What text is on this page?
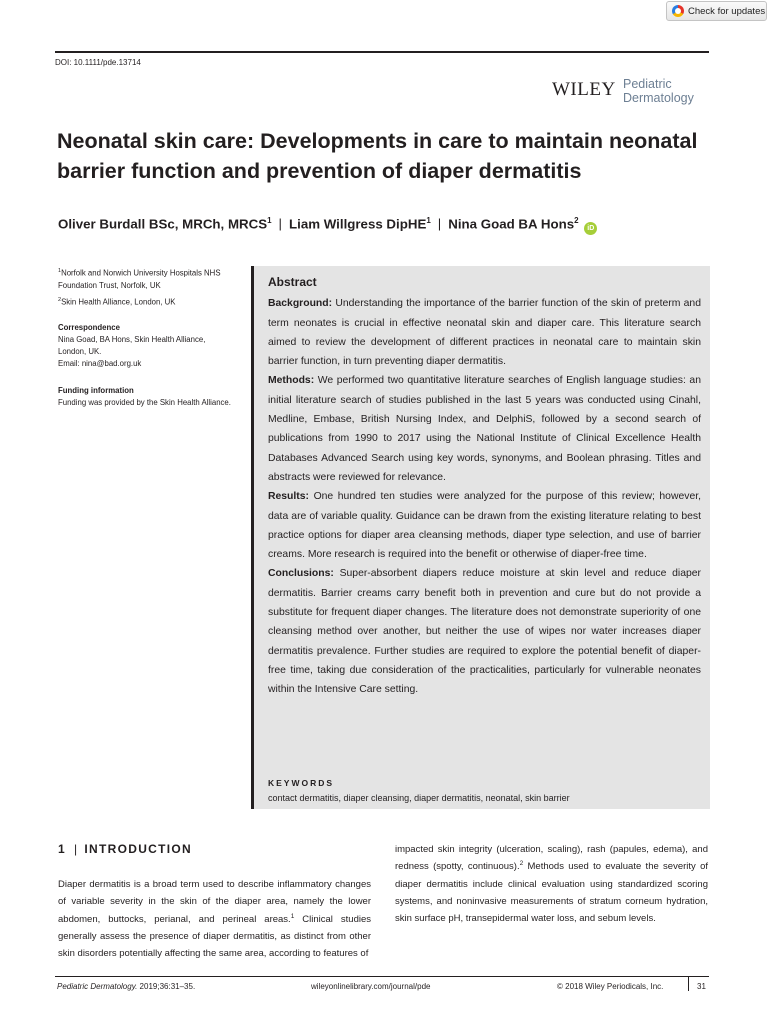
Check for updates
DOI: 10.1111/pde.13714
WILEY Pediatric
Dermatology
Neonatal skin care: Developments in care to maintain neonatal barrier function and prevention of diaper dermatitis
Oliver Burdall BSc, MRCh, MRCS$^1$ | Liam Willgress DipHE$^1$ | Nina Goad BA Hons$^2$ iD

$^1$Norfolk and Norwich University Hospitals NHS Foundation Trust, Norfolk, UK

$^2$Skin Health Alliance, London, UK

Correspondence

Nina Goad, BA Hons, Skin Health Alliance,

London, UK.

Email: nina@bad.org.uk

Funding information

Funding was provided by the Skin Health Alliance.

Abstract

Background: Understanding the importance of the barrier function of the skin of preterm and term neonates is crucial in effective neonatal skin and diaper care. This literature search aimed to review the development of different practices in neonatal care to maintain skin barrier function, in turn preventing diaper dermatitis.

Methods: We performed two quantitative literature searches of English language studies: an initial literature search of studies published in the last 5 years was conducted using Cinahl, Medline, Embase, British Nursing Index, and DelphiS, followed by a second search of publications from 1990 to 2017 using the National Institute of Clinical Excellence Health Databases Advanced Search using key words, synonyms, and Boolean phrasing. Titles and abstracts were reviewed for relevance.

Results: One hundred ten studies were analyzed for the purpose of this review; however, data are of variable quality. Guidance can be drawn from the existing literature relating to best practice options for diaper area cleansing methods, diaper type selection, and use of barrier creams. More research is required into the benefit or otherwise of diaper-free time.

Conclusions: Super-absorbent diapers reduce moisture at skin level and reduce diaper dermatitis. Barrier creams carry benefit both in prevention and cure but do not provide a substitute for frequent diaper changes. The literature does not demonstrate superiority of one cleansing method over another, but neither the use of wipes nor water increases diaper dermatitis prevalence. Further studies are required to explore the potential benefit of diaper-free time, taking due consideration of the practicalities, particularly for vulnerable neonates within the Intensive Care setting.

KEYWORDS
contact dermatitis, diaper cleansing, diaper dermatitis, neonatal, skin barrier
1 | INTRODUCTION

Diaper dermatitis is a broad term used to describe inflammatory changes of variable severity in the skin of the diaper area, namely the lower abdomen, buttocks, perianal, and perineal areas.$^1$ Clinical studies generally assess the presence of diaper dermatitis, as distinct from other skin disorders potentially affecting the same area, according to features of

impacted skin integrity (ulceration, scaling), rash (papules, edema), and redness (spotty, continuous).$^2$ Methods used to evaluate the severity of diaper dermatitis include clinical evaluation using standardized scoring systems, and noninvasive measurements of stratum corneum hydration, skin surface pH, transepidermal water loss, and sebum levels.

Pediatric Dermatology. 2019;36:31–35.	wileyonlinelibrary.com/journal/pde	© 2018 Wiley Periodicals, Inc.	31
